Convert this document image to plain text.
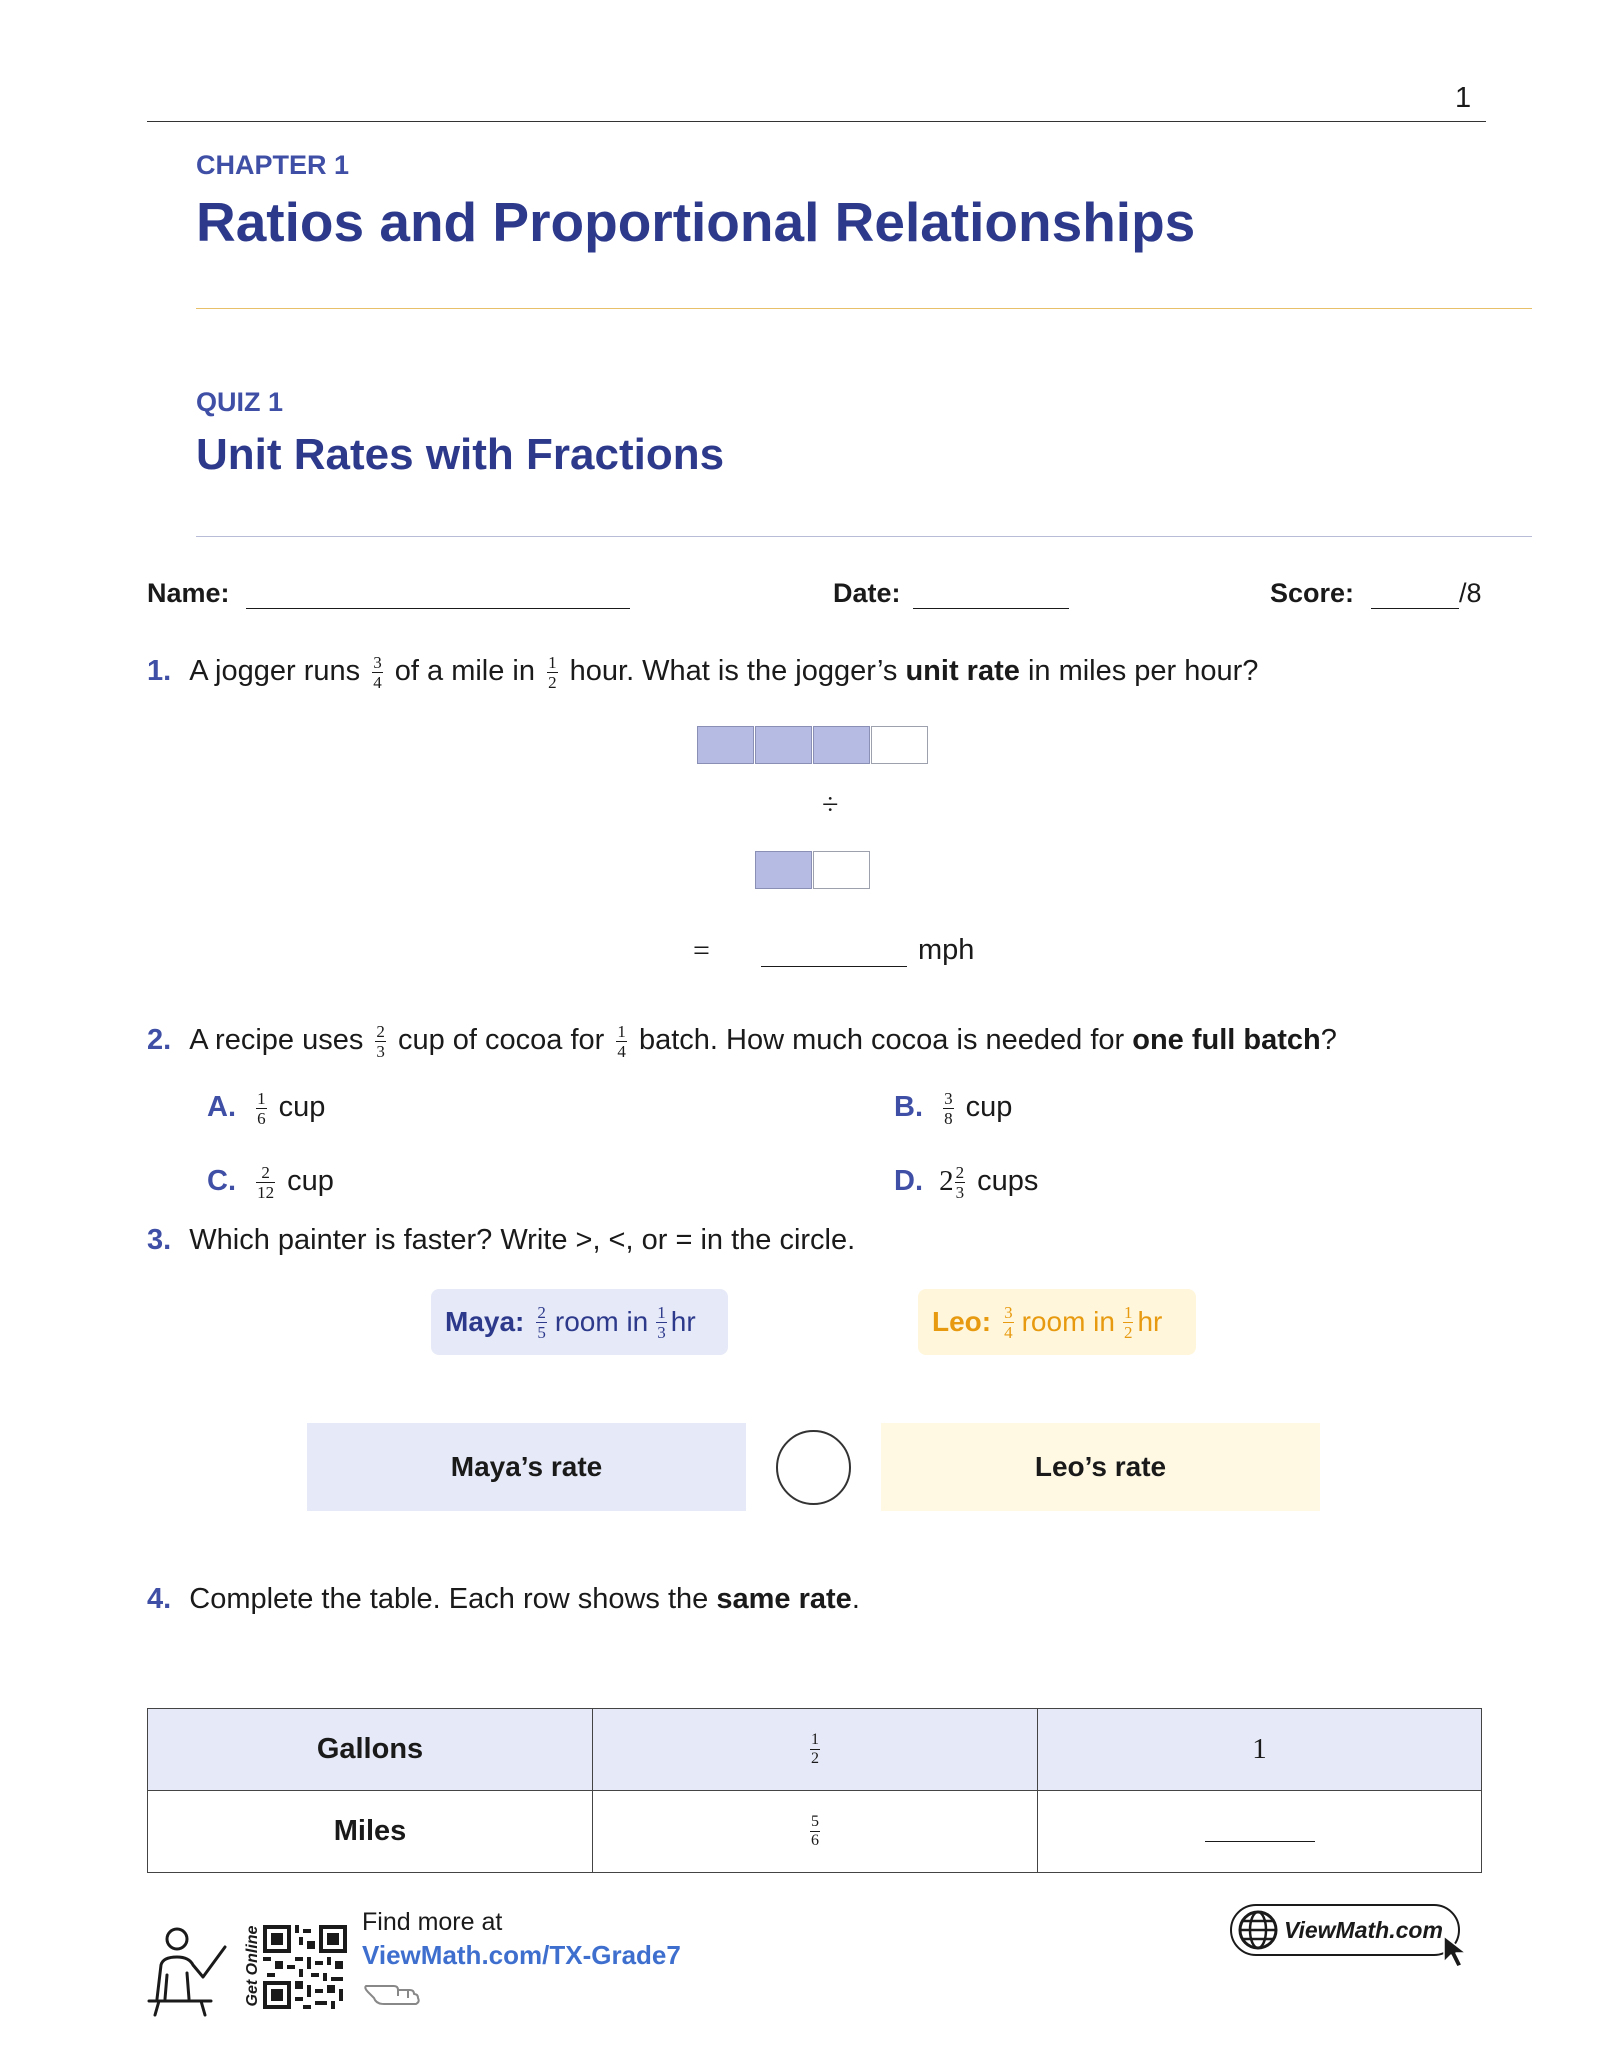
1
CHAPTER 1
Ratios and Proportional Relationships
QUIZ 1
Unit Rates with Fractions
Name:	Date:	Score:	/8
1. A jogger runs $\frac{3}{4}$ of a mile in $\frac{1}{2}$ hour. What is the jogger’s unit rate in miles per hour?
÷
=	mph
2. A recipe uses $\frac{2}{3}$ cup of cocoa for $\frac{1}{4}$ batch. How much cocoa is needed for one full batch?
A. $\frac{1}{6}$ cup	B. $\frac{3}{8}$ cup
C. $\frac{2}{12}$ cup	D. $2 \frac{2}{3}$ cups
3. Which painter is faster? Write >, <, or = in the circle.
Maya: $\frac{2}{5}$ room in $\frac{1}{3}$ hr	Leo: $\frac{3}{4}$ room in $\frac{1}{2}$ hr
Maya’s rate	Leo’s rate
4. Complete the table. Each row shows the same rate.
Gallons	$\frac{1}{2}$	1
Miles	$\frac{5}{6}$

Get Online
Find more at
ViewMath.com/TX-Grade7
ViewMath.com
